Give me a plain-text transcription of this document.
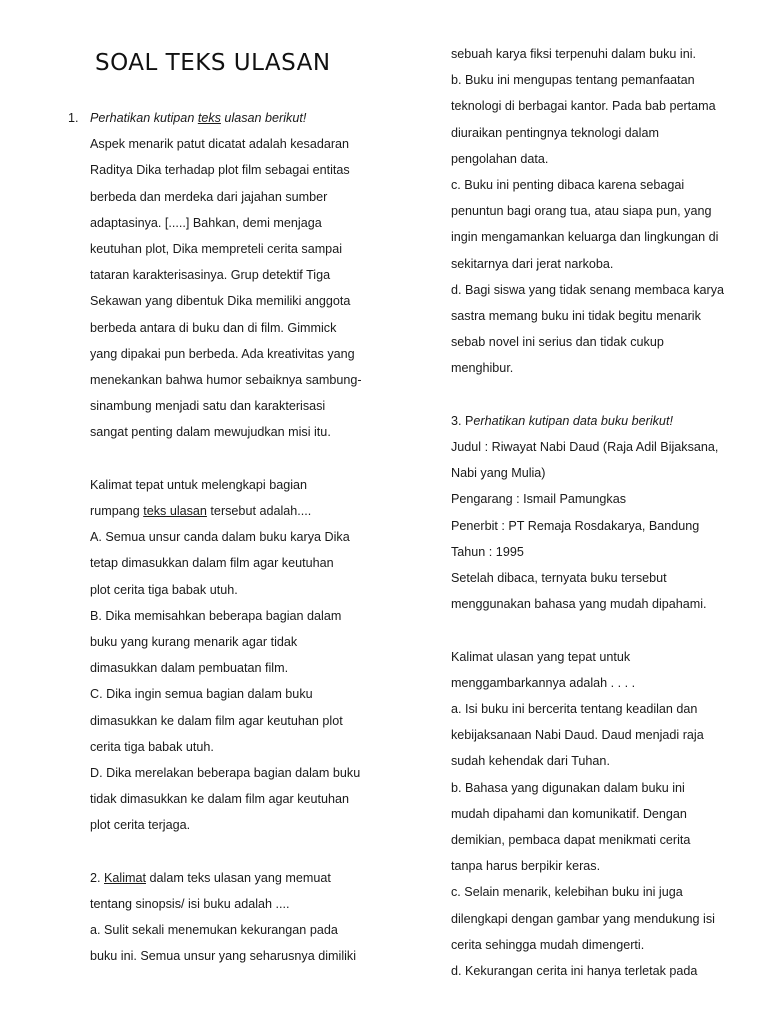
SOAL TEKS ULASAN
1. Perhatikan kutipan teks ulasan berikut!
Aspek menarik patut dicatat adalah kesadaran
Raditya Dika terhadap plot film sebagai entitas
berbeda dan merdeka dari jajahan sumber
adaptasinya. [.....] Bahkan, demi menjaga
keutuhan plot, Dika mempreteli cerita sampai
tataran karakterisasinya. Grup detektif Tiga
Sekawan yang dibentuk Dika memiliki anggota
berbeda antara di buku dan di film. Gimmick
yang dipakai pun berbeda. Ada kreativitas yang
menekankan bahwa humor sebaiknya sambung-
sinambung menjadi satu dan karakterisasi
sangat penting dalam mewujudkan misi itu.
Kalimat tepat untuk melengkapi bagian
rumpang teks ulasan tersebut adalah....
A. Semua unsur canda dalam buku karya Dika
tetap dimasukkan dalam film agar keutuhan
plot cerita tiga babak utuh.
B. Dika memisahkan beberapa bagian dalam
buku yang kurang menarik agar tidak
dimasukkan dalam pembuatan film.
C. Dika ingin semua bagian dalam buku
dimasukkan ke dalam film agar keutuhan plot
cerita tiga babak utuh.
D. Dika merelakan beberapa bagian dalam buku
tidak dimasukkan ke dalam film agar keutuhan
plot cerita terjaga.
2. Kalimat dalam teks ulasan yang memuat
tentang sinopsis/ isi buku adalah ....
a. Sulit sekali menemukan kekurangan pada
buku ini. Semua unsur yang seharusnya dimiliki
sebuah karya fiksi terpenuhi dalam buku ini.
b. Buku ini mengupas tentang pemanfaatan
teknologi di berbagai kantor. Pada bab pertama
diuraikan pentingnya teknologi dalam
pengolahan data.
c. Buku ini penting dibaca karena sebagai
penuntun bagi orang tua, atau siapa pun, yang
ingin mengamankan keluarga dan lingkungan di
sekitarnya dari jerat narkoba.
d. Bagi siswa yang tidak senang membaca karya
sastra memang buku ini tidak begitu menarik
sebab novel ini serius dan tidak cukup
menghibur.
3. Perhatikan kutipan data buku berikut!
Judul : Riwayat Nabi Daud (Raja Adil Bijaksana,
Nabi yang Mulia)
Pengarang : Ismail Pamungkas
Penerbit : PT Remaja Rosdakarya, Bandung
Tahun : 1995
Setelah dibaca, ternyata buku tersebut
menggunakan bahasa yang mudah dipahami.
Kalimat ulasan yang tepat untuk
menggambarkannya adalah . . . .
a. Isi buku ini bercerita tentang keadilan dan
kebijaksanaan Nabi Daud. Daud menjadi raja
sudah kehendak dari Tuhan.
b. Bahasa yang digunakan dalam buku ini
mudah dipahami dan komunikatif. Dengan
demikian, pembaca dapat menikmati cerita
tanpa harus berpikir keras.
c. Selain menarik, kelebihan buku ini juga
dilengkapi dengan gambar yang mendukung isi
cerita sehingga mudah dimengerti.
d. Kekurangan cerita ini hanya terletak pada
